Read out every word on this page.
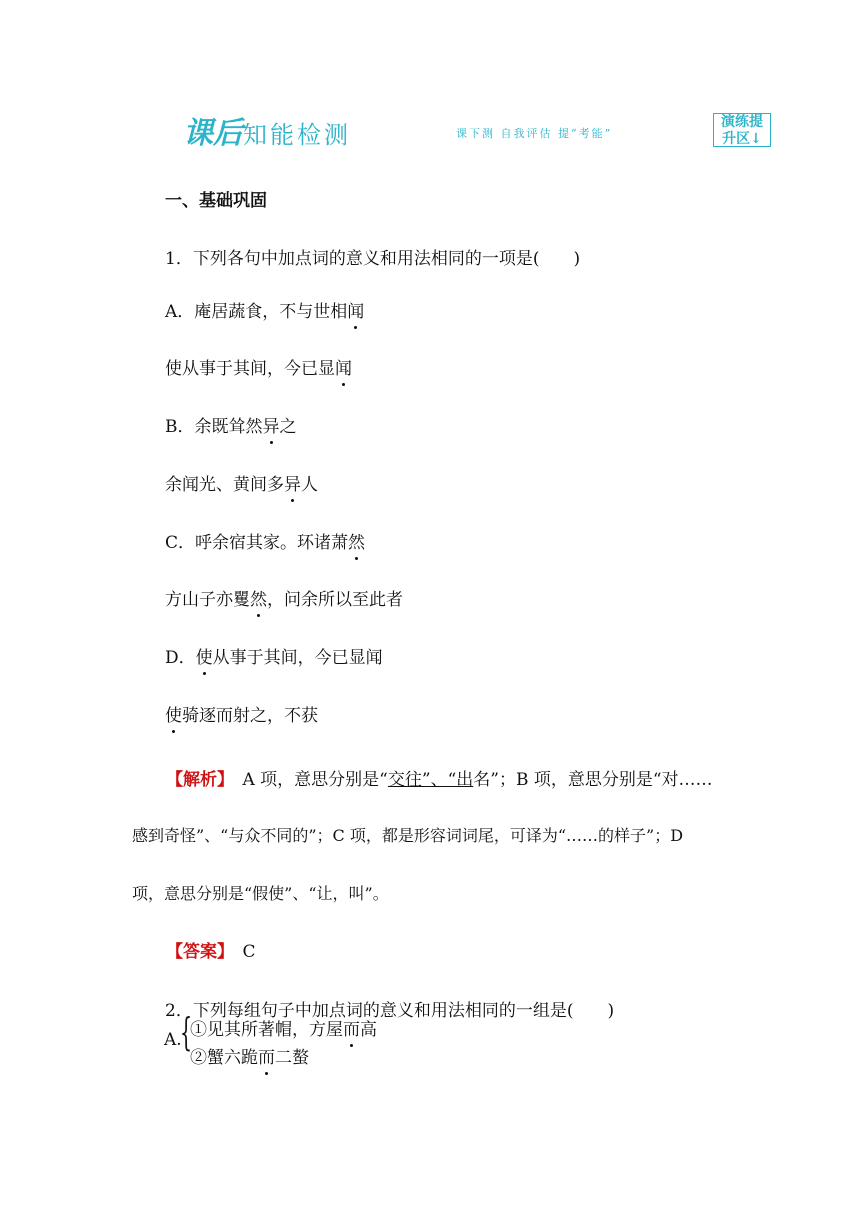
课后知能检测	课下测 自我评估 提“考能”
演练提
升区↓
一、基础巩固
1．下列各句中加点词的意义和用法相同的一项是(　　)
A．庵居蔬食，不与世相闻
使从事于其间，今已显闻
B．余既耸然异之
余闻光、黄间多异人
C．呼余宿其家。环诸萧然
方山子亦矍然，问余所以至此者
D．使从事于其间，今已显闻
使骑逐而射之，不获
【解析】　A 项，意思分别是“交往”、“出名”；B 项，意思分别是“对……
感到奇怪”、“与众不同的”；C 项，都是形容词词尾，可译为“……的样子”；D
项，意思分别是“假使”、“让，叫”。
【答案】　C
2．下列每组句子中加点词的意义和用法相同的一组是(　　)
A.
{
①见其所著帽，方屋而高
②蟹六跪而二螯
